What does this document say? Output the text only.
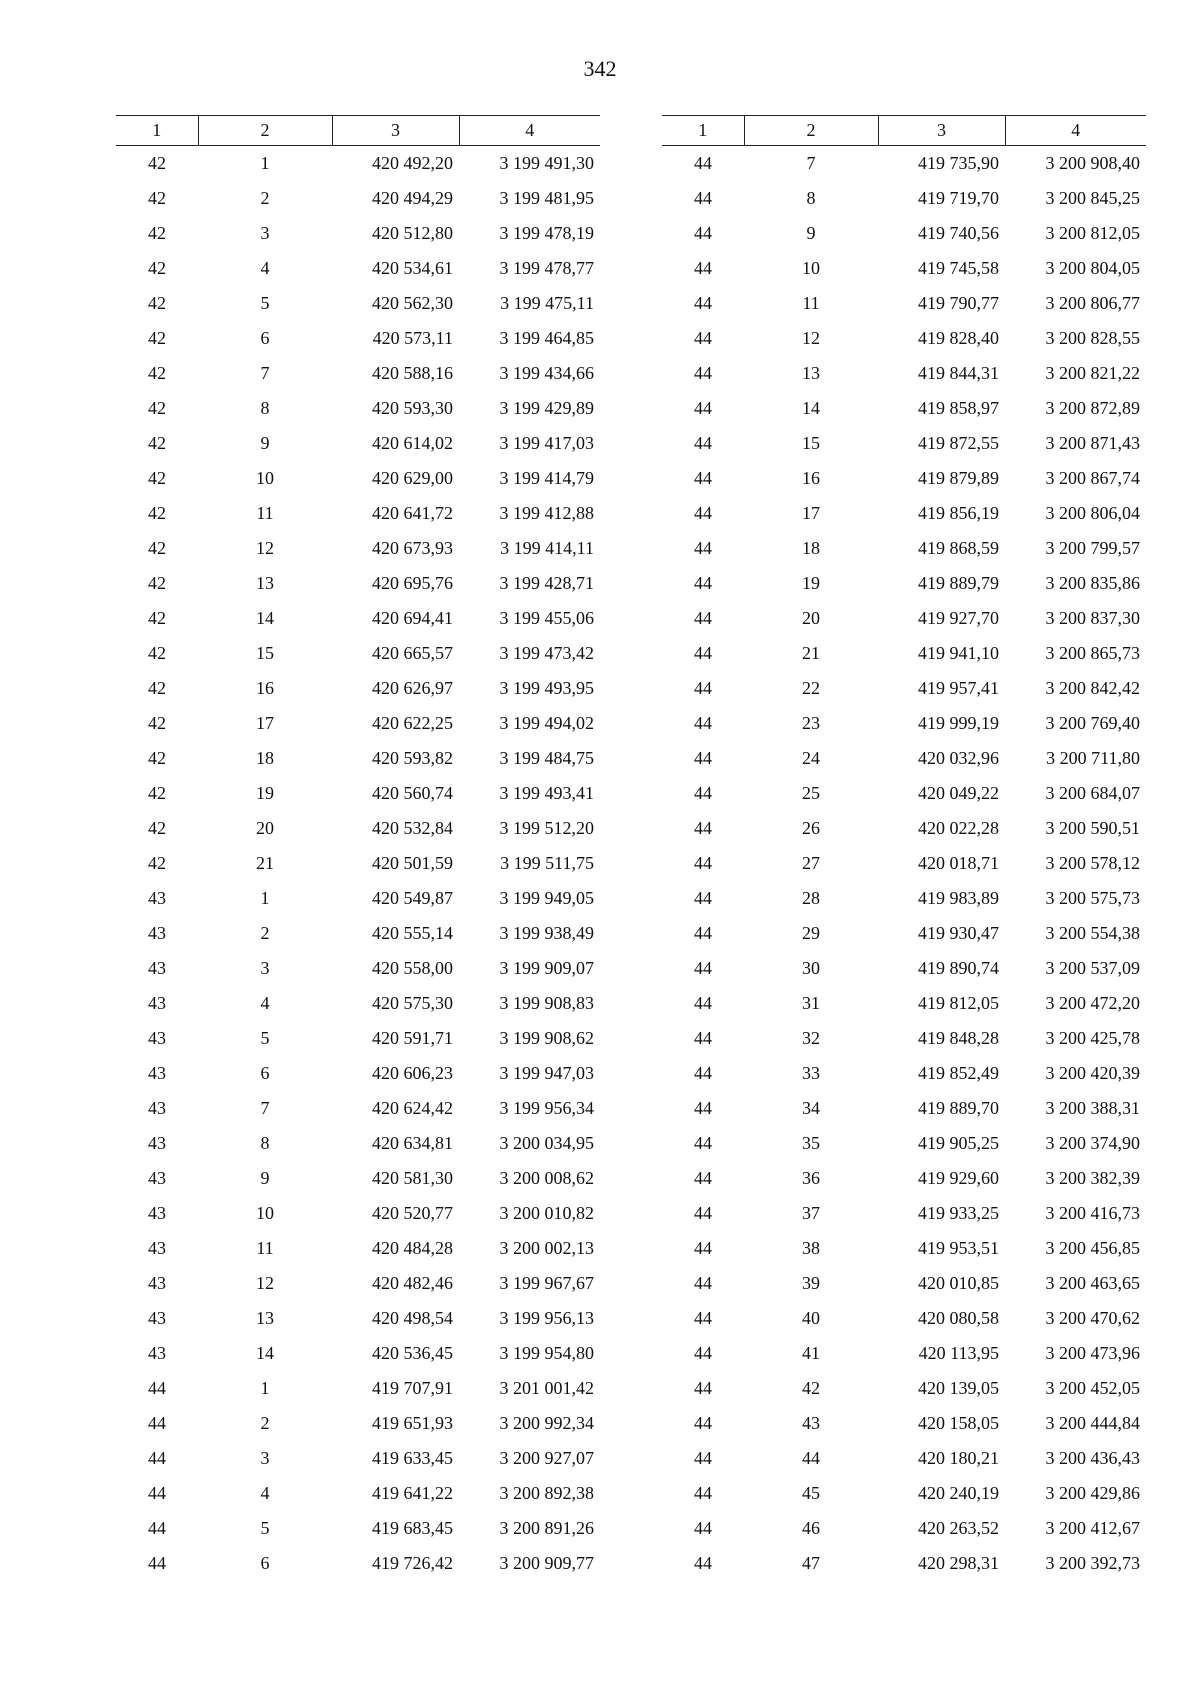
342
1	2	3	4
42	1	420 492,20	3 199 491,30
42	2	420 494,29	3 199 481,95
42	3	420 512,80	3 199 478,19
42	4	420 534,61	3 199 478,77
42	5	420 562,30	3 199 475,11
42	6	420 573,11	3 199 464,85
42	7	420 588,16	3 199 434,66
42	8	420 593,30	3 199 429,89
42	9	420 614,02	3 199 417,03
42	10	420 629,00	3 199 414,79
42	11	420 641,72	3 199 412,88
42	12	420 673,93	3 199 414,11
42	13	420 695,76	3 199 428,71
42	14	420 694,41	3 199 455,06
42	15	420 665,57	3 199 473,42
42	16	420 626,97	3 199 493,95
42	17	420 622,25	3 199 494,02
42	18	420 593,82	3 199 484,75
42	19	420 560,74	3 199 493,41
42	20	420 532,84	3 199 512,20
42	21	420 501,59	3 199 511,75
43	1	420 549,87	3 199 949,05
43	2	420 555,14	3 199 938,49
43	3	420 558,00	3 199 909,07
43	4	420 575,30	3 199 908,83
43	5	420 591,71	3 199 908,62
43	6	420 606,23	3 199 947,03
43	7	420 624,42	3 199 956,34
43	8	420 634,81	3 200 034,95
43	9	420 581,30	3 200 008,62
43	10	420 520,77	3 200 010,82
43	11	420 484,28	3 200 002,13
43	12	420 482,46	3 199 967,67
43	13	420 498,54	3 199 956,13
43	14	420 536,45	3 199 954,80
44	1	419 707,91	3 201 001,42
44	2	419 651,93	3 200 992,34
44	3	419 633,45	3 200 927,07
44	4	419 641,22	3 200 892,38
44	5	419 683,45	3 200 891,26
44	6	419 726,42	3 200 909,77
1	2	3	4
44	7	419 735,90	3 200 908,40
44	8	419 719,70	3 200 845,25
44	9	419 740,56	3 200 812,05
44	10	419 745,58	3 200 804,05
44	11	419 790,77	3 200 806,77
44	12	419 828,40	3 200 828,55
44	13	419 844,31	3 200 821,22
44	14	419 858,97	3 200 872,89
44	15	419 872,55	3 200 871,43
44	16	419 879,89	3 200 867,74
44	17	419 856,19	3 200 806,04
44	18	419 868,59	3 200 799,57
44	19	419 889,79	3 200 835,86
44	20	419 927,70	3 200 837,30
44	21	419 941,10	3 200 865,73
44	22	419 957,41	3 200 842,42
44	23	419 999,19	3 200 769,40
44	24	420 032,96	3 200 711,80
44	25	420 049,22	3 200 684,07
44	26	420 022,28	3 200 590,51
44	27	420 018,71	3 200 578,12
44	28	419 983,89	3 200 575,73
44	29	419 930,47	3 200 554,38
44	30	419 890,74	3 200 537,09
44	31	419 812,05	3 200 472,20
44	32	419 848,28	3 200 425,78
44	33	419 852,49	3 200 420,39
44	34	419 889,70	3 200 388,31
44	35	419 905,25	3 200 374,90
44	36	419 929,60	3 200 382,39
44	37	419 933,25	3 200 416,73
44	38	419 953,51	3 200 456,85
44	39	420 010,85	3 200 463,65
44	40	420 080,58	3 200 470,62
44	41	420 113,95	3 200 473,96
44	42	420 139,05	3 200 452,05
44	43	420 158,05	3 200 444,84
44	44	420 180,21	3 200 436,43
44	45	420 240,19	3 200 429,86
44	46	420 263,52	3 200 412,67
44	47	420 298,31	3 200 392,73
